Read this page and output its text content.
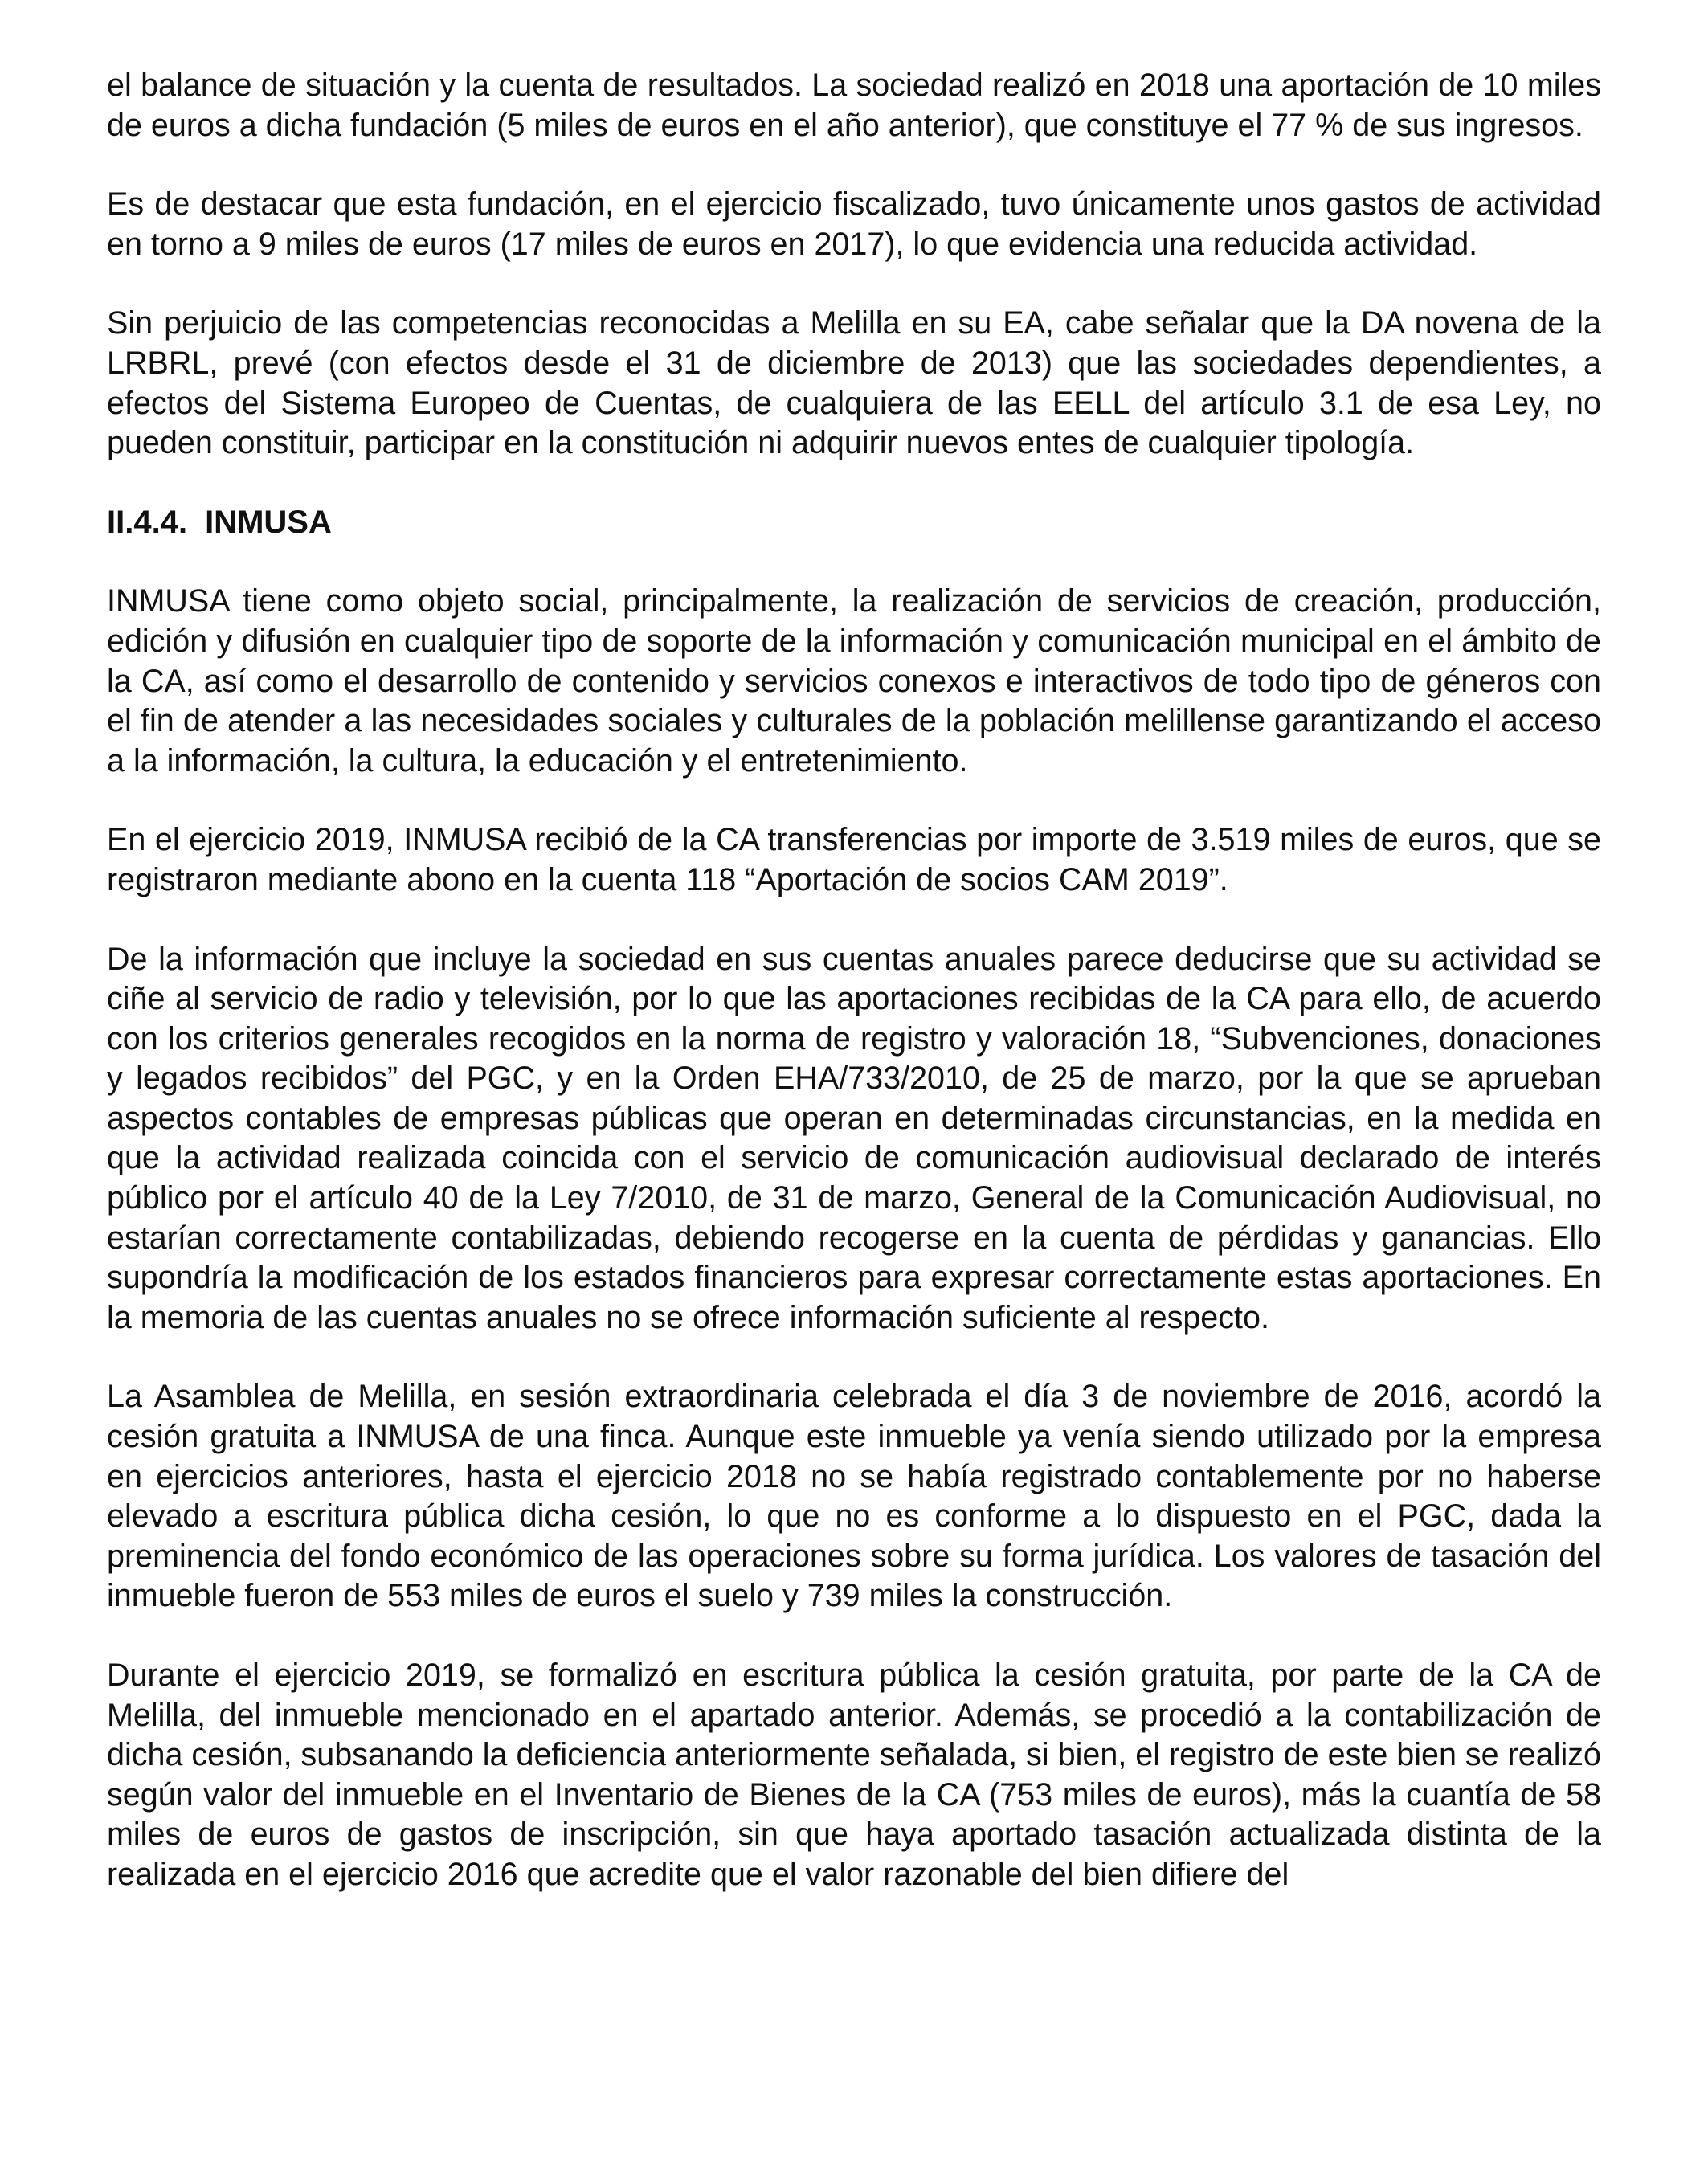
el balance de situación y la cuenta de resultados. La sociedad realizó en 2018 una aportación de 10 miles de euros a dicha fundación (5 miles de euros en el año anterior), que constituye el 77 % de sus ingresos.

Es de destacar que esta fundación, en el ejercicio fiscalizado, tuvo únicamente unos gastos de actividad en torno a 9 miles de euros (17 miles de euros en 2017), lo que evidencia una reducida actividad.

Sin perjuicio de las competencias reconocidas a Melilla en su EA, cabe señalar que la DA novena de la LRBRL, prevé (con efectos desde el 31 de diciembre de 2013) que las sociedades dependientes, a efectos del Sistema Europeo de Cuentas, de cualquiera de las EELL del artículo 3.1 de esa Ley, no pueden constituir, participar en la constitución ni adquirir nuevos entes de cualquier tipología.

II.4.4. INMUSA

INMUSA tiene como objeto social, principalmente, la realización de servicios de creación, producción, edición y difusión en cualquier tipo de soporte de la información y comunicación municipal en el ámbito de la CA, así como el desarrollo de contenido y servicios conexos e interactivos de todo tipo de géneros con el fin de atender a las necesidades sociales y culturales de la población melillense garantizando el acceso a la información, la cultura, la educación y el entretenimiento.

En el ejercicio 2019, INMUSA recibió de la CA transferencias por importe de 3.519 miles de euros, que se registraron mediante abono en la cuenta 118 “Aportación de socios CAM 2019”.

De la información que incluye la sociedad en sus cuentas anuales parece deducirse que su actividad se ciñe al servicio de radio y televisión, por lo que las aportaciones recibidas de la CA para ello, de acuerdo con los criterios generales recogidos en la norma de registro y valoración 18, “Subvenciones, donaciones y legados recibidos” del PGC, y en la Orden EHA/733/2010, de 25 de marzo, por la que se aprueban aspectos contables de empresas públicas que operan en determinadas circunstancias, en la medida en que la actividad realizada coincida con el servicio de comunicación audiovisual declarado de interés público por el artículo 40 de la Ley 7/2010, de 31 de marzo, General de la Comunicación Audiovisual, no estarían correctamente contabilizadas, debiendo recogerse en la cuenta de pérdidas y ganancias. Ello supondría la modificación de los estados financieros para expresar correctamente estas aportaciones. En la memoria de las cuentas anuales no se ofrece información suficiente al respecto.

La Asamblea de Melilla, en sesión extraordinaria celebrada el día 3 de noviembre de 2016, acordó la cesión gratuita a INMUSA de una finca. Aunque este inmueble ya venía siendo utilizado por la empresa en ejercicios anteriores, hasta el ejercicio 2018 no se había registrado contablemente por no haberse elevado a escritura pública dicha cesión, lo que no es conforme a lo dispuesto en el PGC, dada la preminencia del fondo económico de las operaciones sobre su forma jurídica. Los valores de tasación del inmueble fueron de 553 miles de euros el suelo y 739 miles la construcción.

Durante el ejercicio 2019, se formalizó en escritura pública la cesión gratuita, por parte de la CA de Melilla, del inmueble mencionado en el apartado anterior. Además, se procedió a la contabilización de dicha cesión, subsanando la deficiencia anteriormente señalada, si bien, el registro de este bien se realizó según valor del inmueble en el Inventario de Bienes de la CA (753 miles de euros), más la cuantía de 58 miles de euros de gastos de inscripción, sin que haya aportado tasación actualizada distinta de la realizada en el ejercicio 2016 que acredite que el valor razonable del bien difiere del
